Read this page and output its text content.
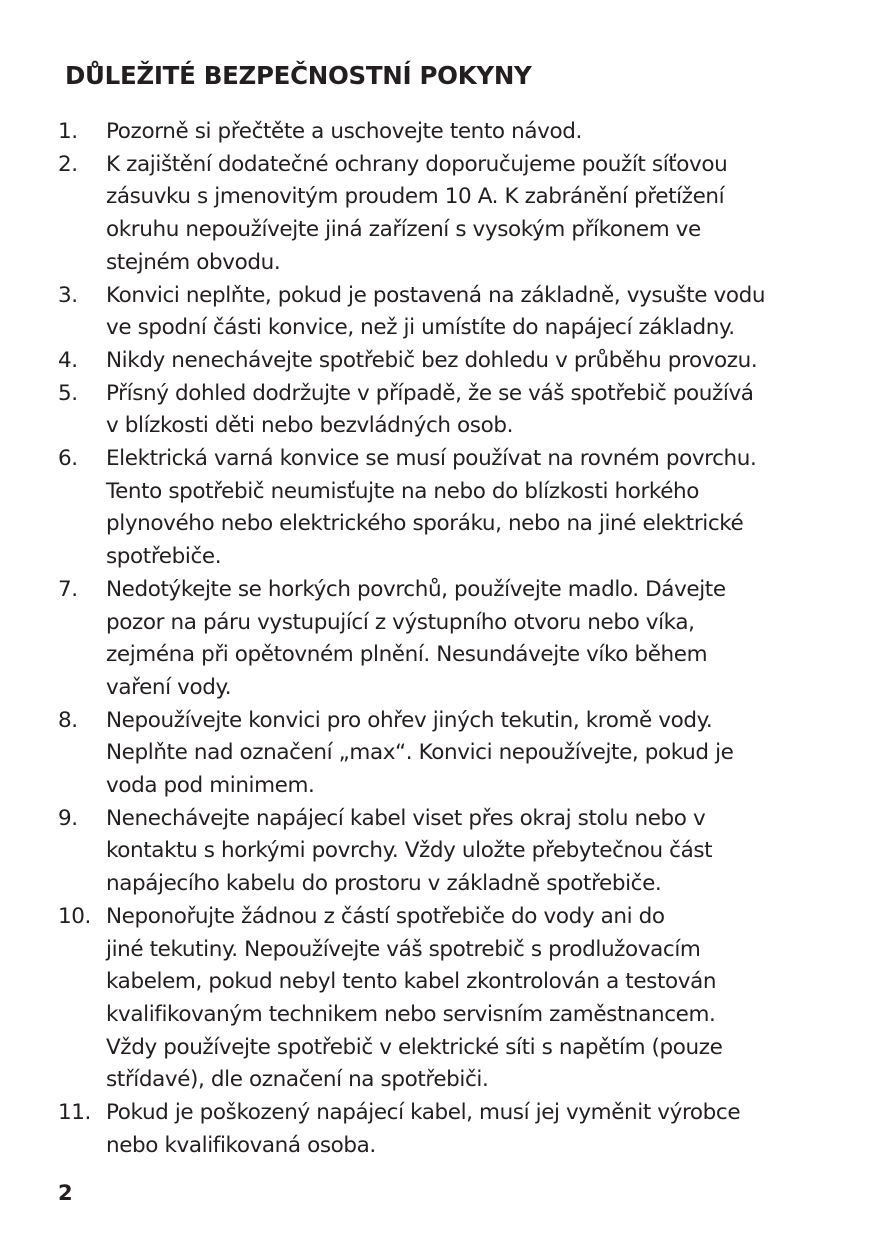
DŮLEŽITÉ BEZPEČNOSTNÍ POKYNY
1.	Pozorně si přečtěte a uschovejte tento návod.
2.	K zajištění dodatečné ochrany doporučujeme použít síťovou
zásuvku s jmenovitým proudem 10 A. K zabránění přetížení
okruhu nepoužívejte jiná zařízení s vysokým příkonem ve
stejném obvodu.
3.	Konvici neplňte, pokud je postavená na základně, vysušte vodu
ve spodní části konvice, než ji umístíte do napájecí základny.
4.	Nikdy nenechávejte spotřebič bez dohledu v průběhu provozu.
5.	Přísný dohled dodržujte v případě, že se váš spotřebič používá
v blízkosti děti nebo bezvládných osob.
6.	Elektrická varná konvice se musí používat na rovném povrchu.
Tento spotřebič neumisťujte na nebo do blízkosti horkého
plynového nebo elektrického sporáku, nebo na jiné elektrické
spotřebiče.
7.	Nedotýkejte se horkých povrchů, používejte madlo. Dávejte
pozor na páru vystupující z výstupního otvoru nebo víka,
zejména při opětovném plnění. Nesundávejte víko během
vaření vody.
8.	Nepoužívejte konvici pro ohřev jiných tekutin, kromě vody.
Neplňte nad označení „max“. Konvici nepoužívejte, pokud je
voda pod minimem.
9.	Nenechávejte napájecí kabel viset přes okraj stolu nebo v
kontaktu s horkými povrchy. Vždy uložte přebytečnou část
napájecího kabelu do prostoru v základně spotřebiče.
10. Neponořujte žádnou z částí spotřebiče do vody ani do
jiné tekutiny. Nepoužívejte váš spotrebič s prodlužovacím
kabelem, pokud nebyl tento kabel zkontrolován a testován
kvalifikovaným technikem nebo servisním zaměstnancem.
Vždy používejte spotřebič v elektrické síti s napětím (pouze
střídavé), dle označení na spotřebiči.
11. Pokud je poškozený napájecí kabel, musí jej vyměnit výrobce
nebo kvalifikovaná osoba.
2
